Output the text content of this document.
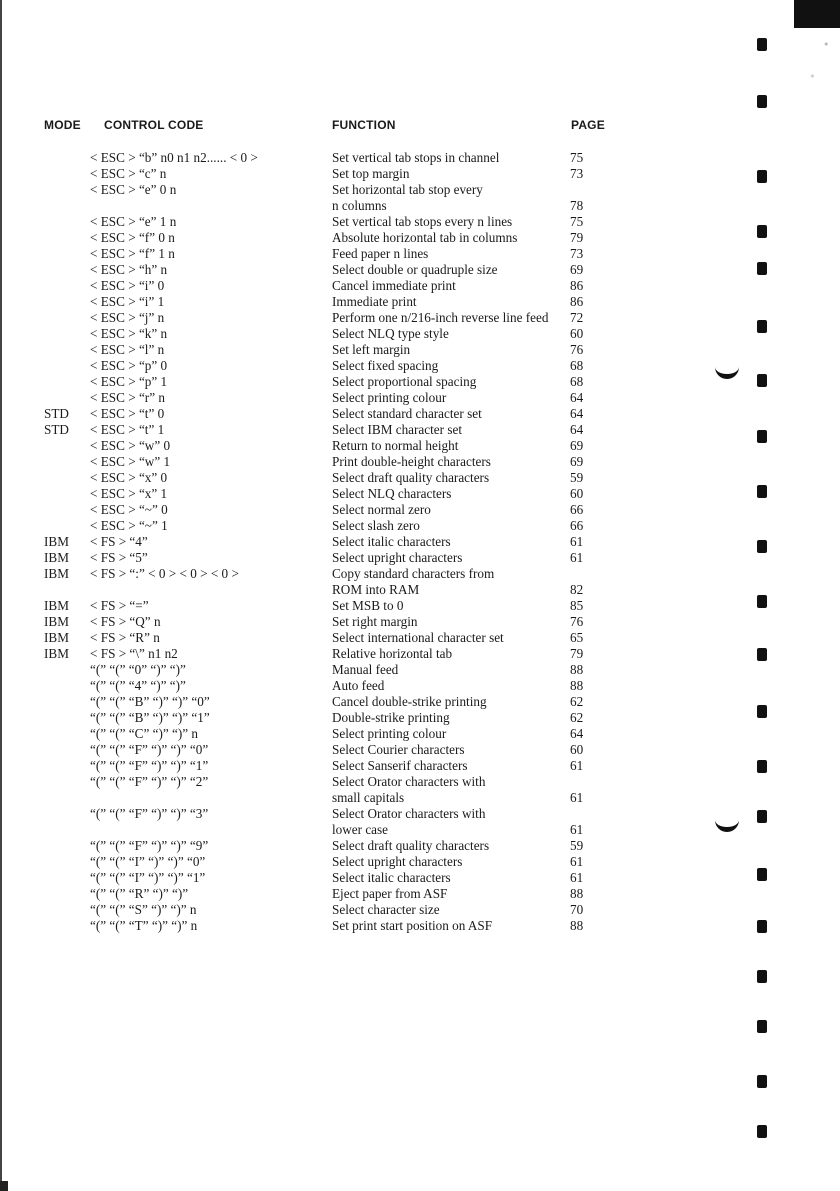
MODE CONTROL CODE	FUNCTION	PAGE
< ESC > “b” n0 n1 n2...... < 0 >	Set vertical tab stops in channel	75
< ESC > “c” n	Set top margin	73
< ESC > “e” 0 n	Set horizontal tab stop every
n columns	78
< ESC > “e” 1 n	Set vertical tab stops every n lines	75
< ESC > “f” 0 n	Absolute horizontal tab in columns	79
< ESC > “f” 1 n	Feed paper n lines	73
< ESC > “h” n	Select double or quadruple size	69
< ESC > “i” 0	Cancel immediate print	86
< ESC > “i” 1	Immediate print	86
< ESC > “j” n	Perform one n/216-inch reverse line feed 72
< ESC > “k” n	Select NLQ type style	60
< ESC > “l” n	Set left margin	76
< ESC > “p” 0	Select fixed spacing	68
< ESC > “p” 1	Select proportional spacing	68
< ESC > “r” n	Select printing colour	64
STD < ESC > “t” 0	Select standard character set	64
STD < ESC > “t” 1	Select IBM character set	64
< ESC > “w” 0	Return to normal height	69
< ESC > “w” 1	Print double-height characters	69
< ESC > “x” 0	Select draft quality characters	59
< ESC > “x” 1	Select NLQ characters	60
< ESC > “~” 0	Select normal zero	66
< ESC > “~” 1	Select slash zero	66
IBM < FS > “4”	Select italic characters	61
IBM < FS > “5”	Select upright characters	61
IBM < FS > “:” < 0 > < 0 > < 0 >	Copy standard characters from
ROM into RAM	82
IBM < FS > “=”	Set MSB to 0	85
IBM < FS > “Q” n	Set right margin	76
IBM < FS > “R” n	Select international character set	65
IBM < FS > “\” n1 n2	Relative horizontal tab	79
“(” “(” “0” “)” “)”	Manual feed	88
“(” “(” “4” “)” “)”	Auto feed	88
“(” “(” “B” “)” “)” “0”	Cancel double-strike printing	62
“(” “(” “B” “)” “)” “1”	Double-strike printing	62
“(” “(” “C” “)” “)” n	Select printing colour	64
“(” “(” “F” “)” “)” “0”	Select Courier characters	60
“(” “(” “F” “)” “)” “1”	Select Sanserif characters	61
“(” “(” “F” “)” “)” “2”	Select Orator characters with
small capitals	61
“(” “(” “F” “)” “)” “3”	Select Orator characters with
lower case	61
“(” “(” “F” “)” “)” “9”	Select draft quality characters	59
“(” “(” “I” “)” “)” “0”	Select upright characters	61
“(” “(” “I” “)” “)” “1”	Select italic characters	61
“(” “(” “R” “)” “)”	Eject paper from ASF	88
“(” “(” “S” “)” “)” n	Select character size	70
“(” “(” “T” “)” “)” n	Set print start position on ASF	88
